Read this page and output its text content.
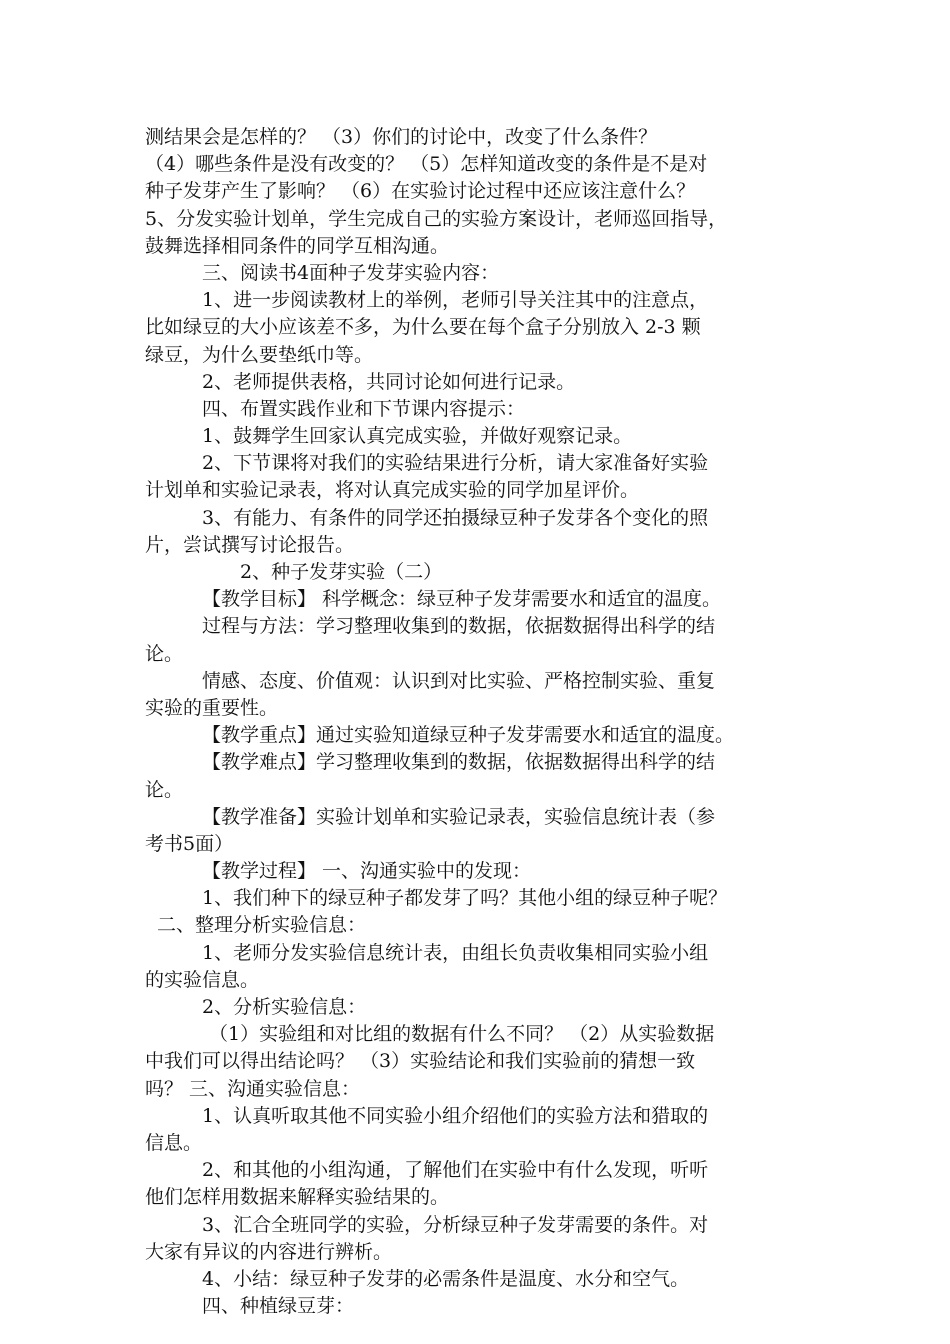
测结果会是怎样的？ （3）你们的讨论中，改变了什么条件？
（4）哪些条件是没有改变的？ （5）怎样知道改变的条件是不是对
种子发芽产生了影响？ （6）在实验讨论过程中还应该注意什么？
5、分发实验计划单，学生完成自己的实验方案设计，老师巡回指导，
鼓舞选择相同条件的同学互相沟通。
三、阅读书4面种子发芽实验内容：
1、进一步阅读教材上的举例，老师引导关注其中的注意点，
比如绿豆的大小应该差不多，为什么要在每个盒子分别放入 2-3 颗
绿豆，为什么要垫纸巾等。
2、老师提供表格，共同讨论如何进行记录。
四、布置实践作业和下节课内容提示：
1、鼓舞学生回家认真完成实验，并做好观察记录。
2、下节课将对我们的实验结果进行分析，请大家准备好实验
计划单和实验记录表，将对认真完成实验的同学加星评价。
3、有能力、有条件的同学还拍摄绿豆种子发芽各个变化的照
片，尝试撰写讨论报告。
2、种子发芽实验（二）
【教学目标】 科学概念：绿豆种子发芽需要水和适宜的温度。
过程与方法：学习整理收集到的数据，依据数据得出科学的结
论。
情感、态度、价值观：认识到对比实验、严格控制实验、重复
实验的重要性。
【教学重点】通过实验知道绿豆种子发芽需要水和适宜的温度。
【教学难点】学习整理收集到的数据，依据数据得出科学的结
论。
【教学准备】实验计划单和实验记录表，实验信息统计表（参
考书5面）
【教学过程】 一、沟通实验中的发现：
1、我们种下的绿豆种子都发芽了吗？其他小组的绿豆种子呢？
二、整理分析实验信息：
1、老师分发实验信息统计表，由组长负责收集相同实验小组
的实验信息。
2、分析实验信息：
（1）实验组和对比组的数据有什么不同？ （2）从实验数据
中我们可以得出结论吗？ （3）实验结论和我们实验前的猜想一致
吗？ 三、沟通实验信息：
1、认真听取其他不同实验小组介绍他们的实验方法和猎取的
信息。
2、和其他的小组沟通，了解他们在实验中有什么发现，听听
他们怎样用数据来解释实验结果的。
3、汇合全班同学的实验，分析绿豆种子发芽需要的条件。对
大家有异议的内容进行辨析。
4、小结：绿豆种子发芽的必需条件是温度、水分和空气。
四、种植绿豆芽：
